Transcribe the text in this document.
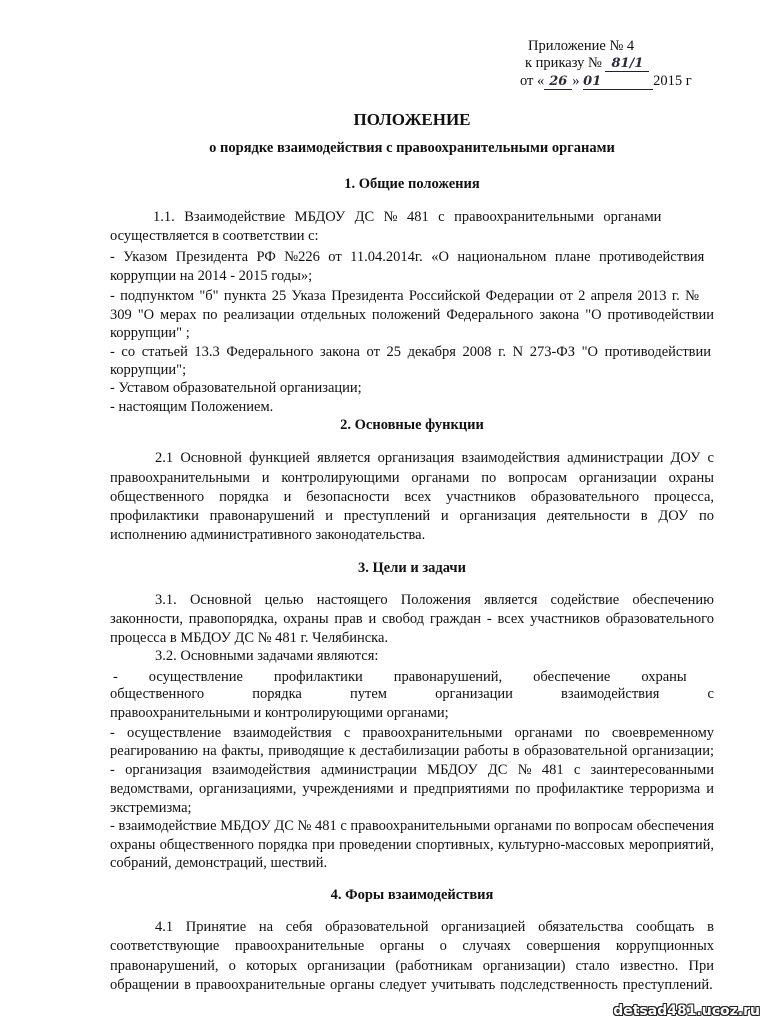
Приложение № 4
к приказу № 81/1
от « 26 » 01	2015 г
ПОЛОЖЕНИЕ
о порядке взаимодействия с правоохранительными органами
1. Общие положения
1.1. Взаимодействие МБДОУ ДС № 481 с правоохранительными органами
осуществляется в соответствии с:
- Указом Президента РФ №226 от 11.04.2014г. «О национальном плане противодействия
коррупции на 2014 - 2015 годы»;
- подпунктом "б" пункта 25 Указа Президента Российской Федерации от 2 апреля 2013 г. №
309 "О мерах по реализации отдельных положений Федерального закона "О противодействии
коррупции" ;
- со статьей 13.3 Федерального закона от 25 декабря 2008 г. N 273-ФЗ "О противодействии
коррупции";
- Уставом образовательной организации;
- настоящим Положением.
2. Основные функции
2.1 Основной функцией является организация взаимодействия администрации ДОУ с
правоохранительными и контролирующими органами по вопросам организации охраны
общественного порядка и безопасности всех участников образовательного процесса,
профилактики правонарушений и преступлений и организация деятельности в ДОУ по
исполнению административного законодательства.
3. Цели и задачи
3.1. Основной целью настоящего Положения является содействие обеспечению
законности, правопорядка, охраны прав и свобод граждан - всех участников образовательного
процесса в МБДОУ ДС № 481 г. Челябинска.
3.2. Основными задачами являются:
- осуществление профилактики правонарушений, обеспечение охраны
общественного порядка путем организации взаимодействия с
правоохранительными и контролирующими органами;
- осуществление взаимодействия с правоохранительными органами по своевременному
реагированию на факты, приводящие к дестабилизации работы в образовательной организации;
- организация взаимодействия администрации МБДОУ ДС № 481 с заинтересованными
ведомствами, организациями, учреждениями и предприятиями по профилактике терроризма и
экстремизма;
- взаимодействие МБДОУ ДС № 481 с правоохранительными органами по вопросам обеспечения
охраны общественного порядка при проведении спортивных, культурно-массовых мероприятий,
собраний, демонстраций, шествий.
4. Форы взаимодействия
4.1 Принятие на себя образовательной организацией обязательства сообщать в
соответствующие правоохранительные органы о случаях совершения коррупционных
правонарушений, о которых организации (работникам организации) стало известно. При
обращении в правоохранительные органы следует учитывать подследственность преступлений.
detsad481.ucoz.ru
